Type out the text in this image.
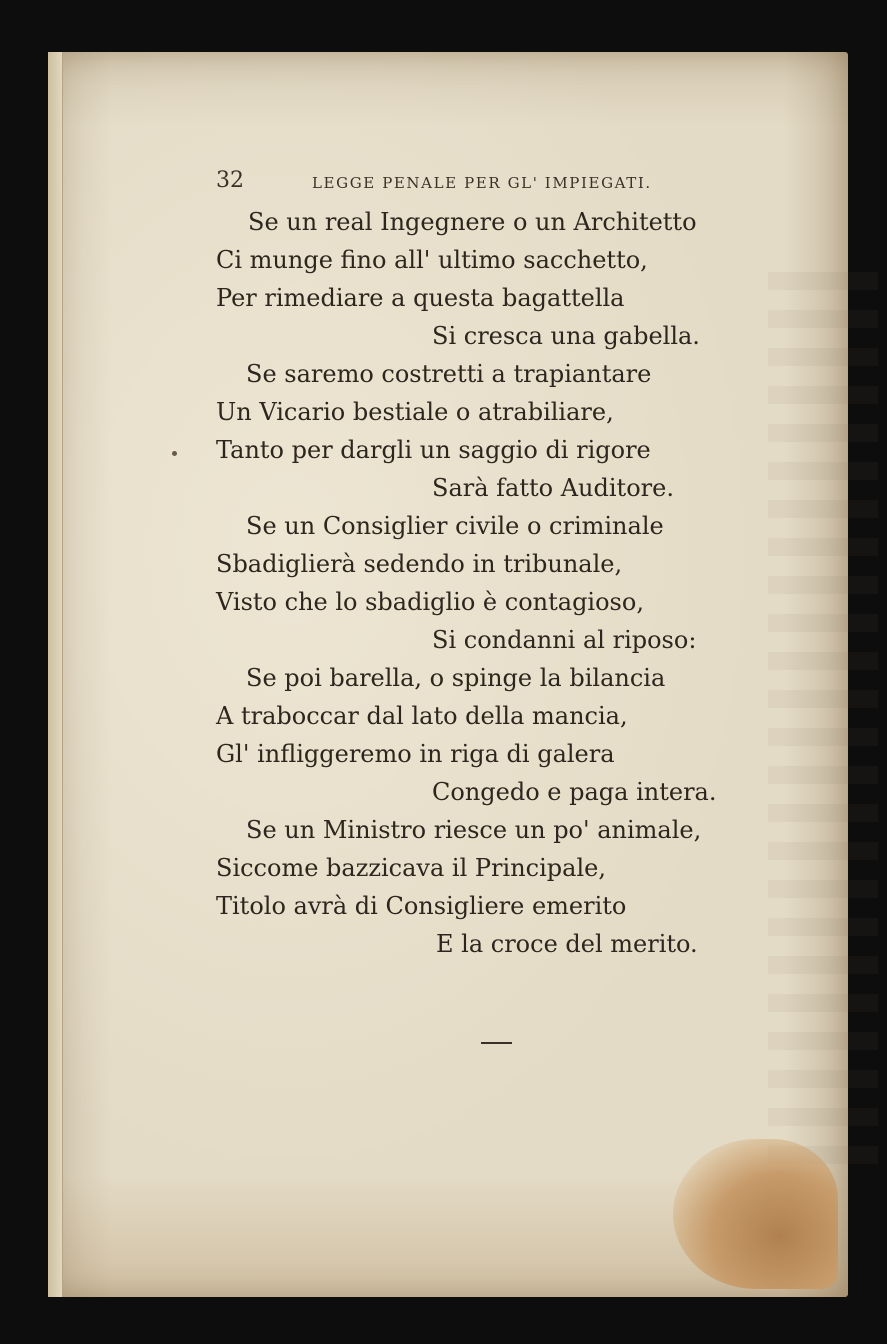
32	LEGGE PENALE PER GL' IMPIEGATI.
Se un real Ingegnere o un Architetto
Ci munge fino all' ultimo sacchetto,
Per rimediare a questa bagattella
Si cresca una gabella.
Se saremo costretti a trapiantare
Un Vicario bestiale o atrabiliare,
Tanto per dargli un saggio di rigore
Sarà fatto Auditore.
Se un Consiglier civile o criminale
Sbadiglierà sedendo in tribunale,
Visto che lo sbadiglio è contagioso,
Si condanni al riposo:
Se poi barella, o spinge la bilancia
A traboccar dal lato della mancia,
Gl' infliggeremo in riga di galera
Congedo e paga intera.
Se un Ministro riesce un po' animale,
Siccome bazzicava il Principale,
Titolo avrà di Consigliere emerito
E la croce del merito.
